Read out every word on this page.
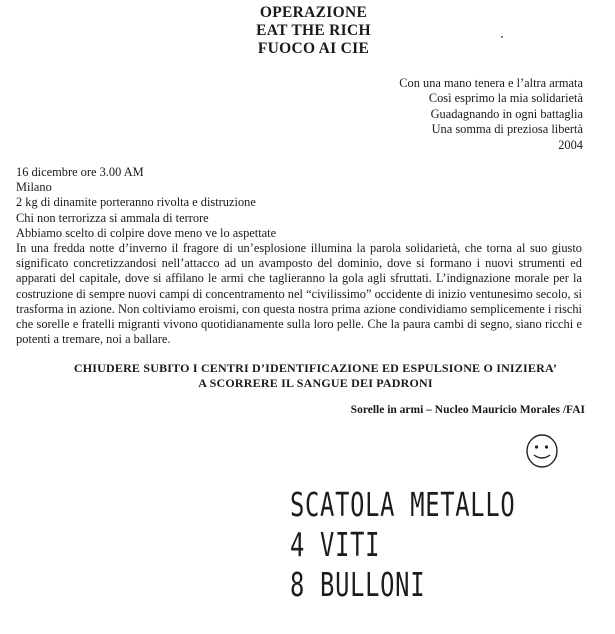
OPERAZIONE
EAT THE RICH
FUOCO AI CIE
Con una mano tenera e l’altra armata
Così esprimo la mia solidarietà
Guadagnando in ogni battaglia
Una somma di preziosa libertà
2004
16 dicembre ore 3.00 AM
Milano
2 kg di dinamite porteranno rivolta e distruzione
Chi non terrorizza si ammala di terrore
Abbiamo scelto di colpire dove meno ve lo aspettate
In una fredda notte d’inverno il fragore di un’esplosione illumina la parola solidarietà, che torna al suo giusto significato concretizzandosi nell’attacco ad un avamposto del dominio, dove si formano i nuovi strumenti ed apparati del capitale, dove si affilano le armi che taglieranno la gola agli sfruttati. L’indignazione morale per la costruzione di sempre nuovi campi di concentramento nel “civilissimo” occidente di inizio ventunesimo secolo, si trasforma in azione. Non coltiviamo eroismi, con questa nostra prima azione condividiamo semplicemente i rischi che sorelle e fratelli migranti vivono quotidianamente sulla loro pelle. Che la paura cambi di segno, siano ricchi e potenti a tremare, noi a ballare.
CHIUDERE SUBITO I CENTRI D’IDENTIFICAZIONE ED ESPULSIONE O INIZIERA’
A SCORRERE IL SANGUE DEI PADRONI
Sorelle in armi – Nucleo Mauricio Morales /FAI
SCATOLA METALLO
4 VITI
8 BULLONI
